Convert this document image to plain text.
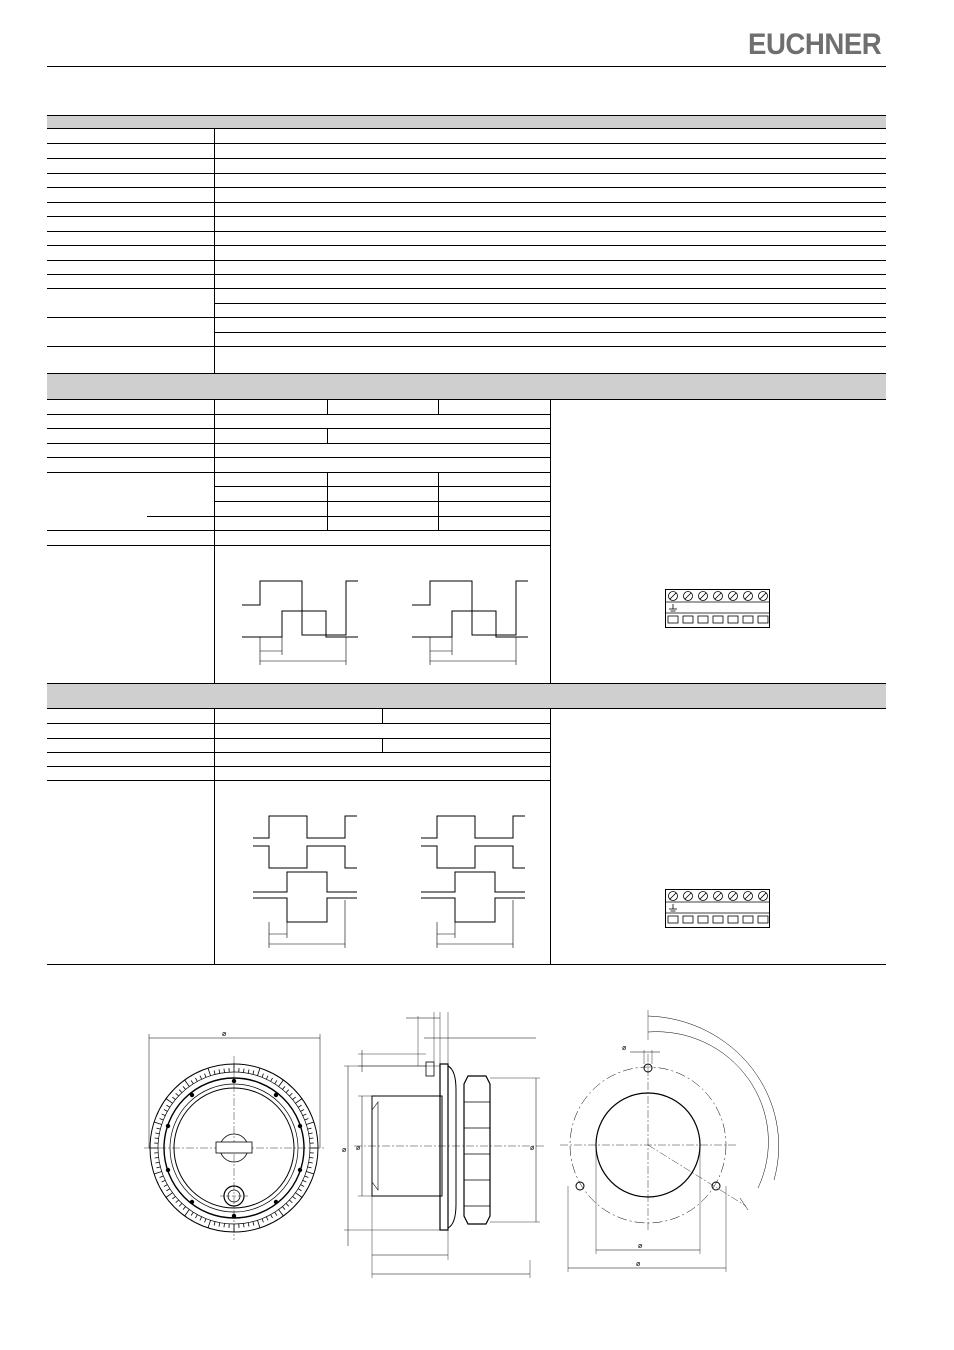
EUCHNER
ø
ø ø	ø
ø
ø
ø
